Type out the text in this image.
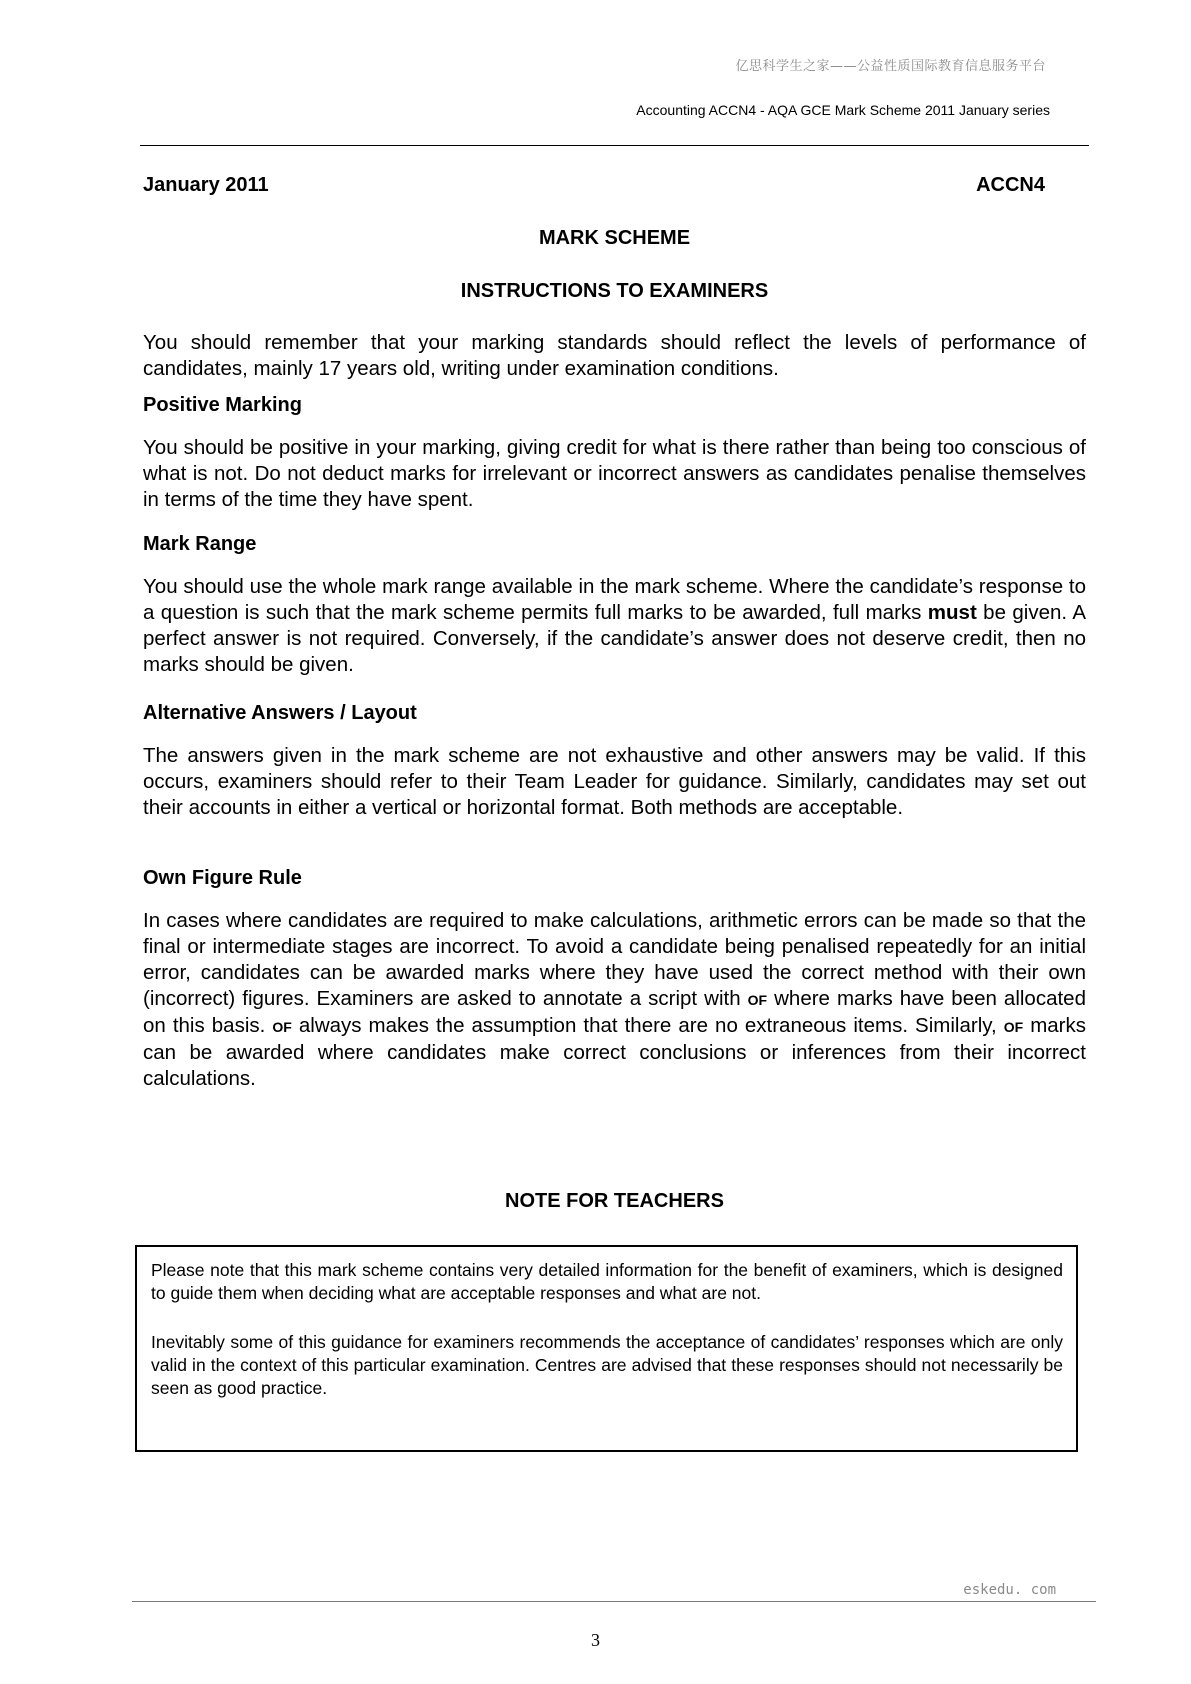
亿思科学生之家——公益性质国际教育信息服务平台
Accounting ACCN4 - AQA GCE Mark Scheme 2011 January series
January 2011	ACCN4
MARK SCHEME
INSTRUCTIONS TO EXAMINERS
You should remember that your marking standards should reflect the levels of performance of candidates, mainly 17 years old, writing under examination conditions.
Positive Marking
You should be positive in your marking, giving credit for what is there rather than being too conscious of what is not. Do not deduct marks for irrelevant or incorrect answers as candidates penalise themselves in terms of the time they have spent.
Mark Range
You should use the whole mark range available in the mark scheme. Where the candidate’s response to a question is such that the mark scheme permits full marks to be awarded, full marks must be given. A perfect answer is not required. Conversely, if the candidate’s answer does not deserve credit, then no marks should be given.
Alternative Answers / Layout
The answers given in the mark scheme are not exhaustive and other answers may be valid. If this occurs, examiners should refer to their Team Leader for guidance. Similarly, candidates may set out their accounts in either a vertical or horizontal format. Both methods are acceptable.
Own Figure Rule
In cases where candidates are required to make calculations, arithmetic errors can be made so that the final or intermediate stages are incorrect. To avoid a candidate being penalised repeatedly for an initial error, candidates can be awarded marks where they have used the correct method with their own (incorrect) figures. Examiners are asked to annotate a script with OF where marks have been allocated on this basis. OF always makes the assumption that there are no extraneous items. Similarly, OF marks can be awarded where candidates make correct conclusions or inferences from their incorrect calculations.
NOTE FOR TEACHERS
Please note that this mark scheme contains very detailed information for the benefit of examiners, which is designed to guide them when deciding what are acceptable responses and what are not.
Inevitably some of this guidance for examiners recommends the acceptance of candidates’ responses which are only valid in the context of this particular examination. Centres are advised that these responses should not necessarily be seen as good practice.
eskedu. com
3
